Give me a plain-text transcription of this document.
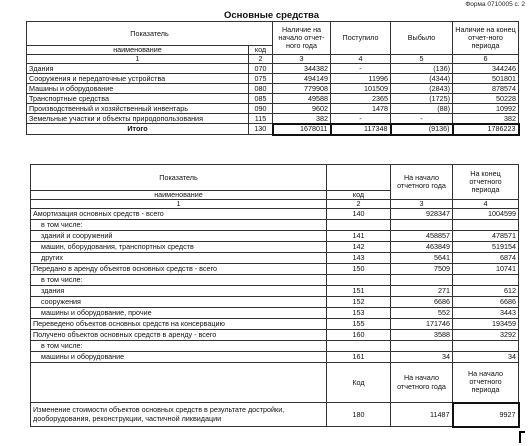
Форма 0710005 с. 2
Основные средства
Показатель		Наличие на начало отчет-ного года	Поступило	Выбыло	Наличие на конец отчет-ного периода
наименование	код				
1	2	3	4	5	6
Здания	070	344382	-	(136)	344246
Сооружения и передаточные устройства	075	494149	11996	(4344)	501801
Машины и оборудование	080	779908	101509	(2843)	878574
Транспортные средства	085	49588	2365	(1725)	50228
Производственный и хозяйственный инвентарь	090	9602	1478	(88)	10992
Земельные участки и объекты природопользования	115	382	-	-	382
Итого	130	1678011	117348	(9136)	1786223
Показатель		На начало отчетного года	На конец отчетного периода
наименование	код		
1	2	3	4
Амортизация основных средств - всего	140	928347	1004599
в том числе:			
зданий и сооружений	141	458857	478571
машин, оборудования, транспортных средств	142	463849	519154
других	143	5641	6874
Передано в аренду объектов основных средств - всего	150	7509	10741
в том числе:			
здания	151	271	612
сооружения	152	6686	6686
машины и оборудование, прочие	153	552	3443
Переведено объектов основных средств на консервацию	155	171746	193459
Получено объектов основных средств в аренду - всего	160	3588	3292
в том числе:			
машины и оборудование	161	34	34
	Код	На начало отчетного года	На начало отчетного периода
Изменение стоимости объектов основных средств в результате достройки, дооборудования, реконструкции, частичной ликвидации	180	11487	9927
